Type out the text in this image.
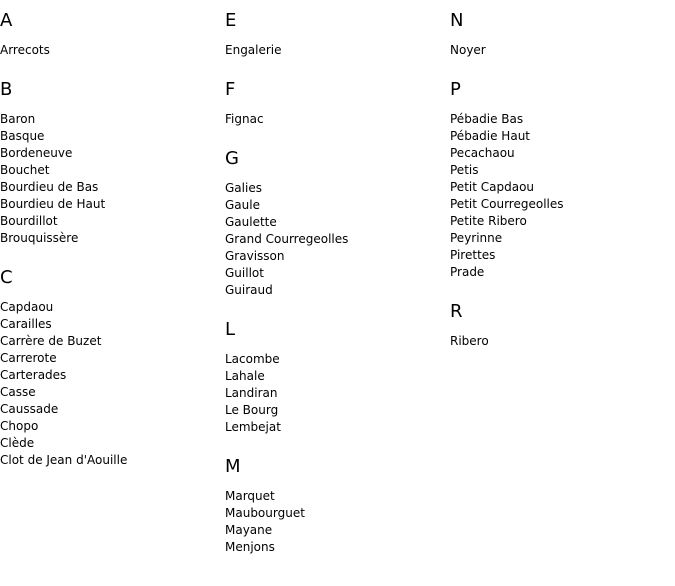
A
Arrecots
B
Baron
Basque
Bordeneuve
Bouchet
Bourdieu de Bas
Bourdieu de Haut
Bourdillot
Brouquissère
C
Capdaou
Carailles
Carrère de Buzet
Carrerote
Carterades
Casse
Caussade
Chopo
Clède
Clot de Jean d'Aouille
E
Engalerie
F
Fignac
G
Galies
Gaule
Gaulette
Grand Courregeolles
Gravisson
Guillot
Guiraud
L
Lacombe
Lahale
Landiran
Le Bourg
Lembejat
M
Marquet
Maubourguet
Mayane
Menjons
N
Noyer
P
Pébadie Bas
Pébadie Haut
Pecachaou
Petis
Petit Capdaou
Petit Courregeolles
Petite Ribero
Peyrinne
Pirettes
Prade
R
Ribero
